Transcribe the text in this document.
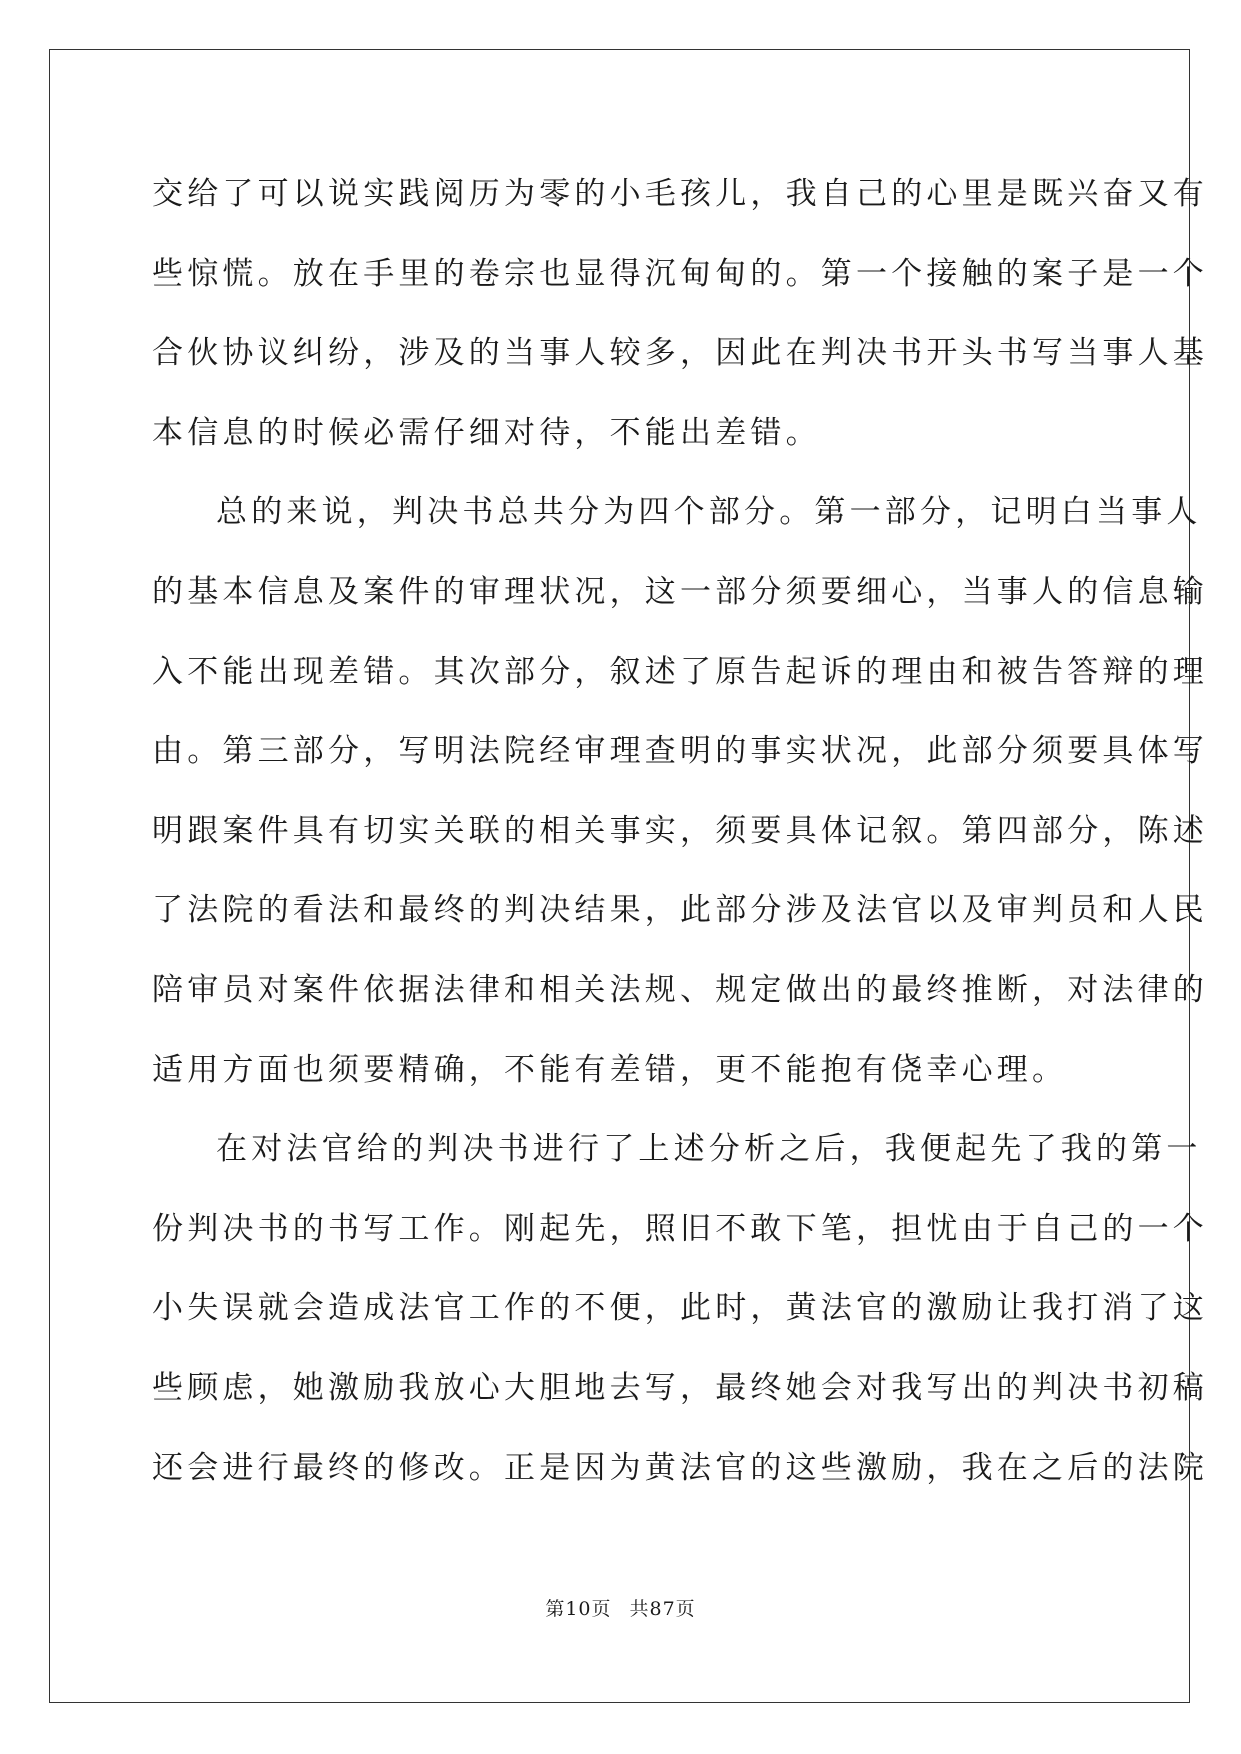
交给了可以说实践阅历为零的小毛孩儿，我自己的心里是既兴奋又有
些惊慌。放在手里的卷宗也显得沉甸甸的。第一个接触的案子是一个
合伙协议纠纷，涉及的当事人较多，因此在判决书开头书写当事人基
本信息的时候必需仔细对待，不能出差错。
总的来说，判决书总共分为四个部分。第一部分，记明白当事人
的基本信息及案件的审理状况，这一部分须要细心，当事人的信息输
入不能出现差错。其次部分，叙述了原告起诉的理由和被告答辩的理
由。第三部分，写明法院经审理查明的事实状况，此部分须要具体写
明跟案件具有切实关联的相关事实，须要具体记叙。第四部分，陈述
了法院的看法和最终的判决结果，此部分涉及法官以及审判员和人民
陪审员对案件依据法律和相关法规、规定做出的最终推断，对法律的
适用方面也须要精确，不能有差错，更不能抱有侥幸心理。
在对法官给的判决书进行了上述分析之后，我便起先了我的第一
份判决书的书写工作。刚起先，照旧不敢下笔，担忧由于自己的一个
小失误就会造成法官工作的不便，此时，黄法官的激励让我打消了这
些顾虑，她激励我放心大胆地去写，最终她会对我写出的判决书初稿
还会进行最终的修改。正是因为黄法官的这些激励，我在之后的法院
第10页 共87页
